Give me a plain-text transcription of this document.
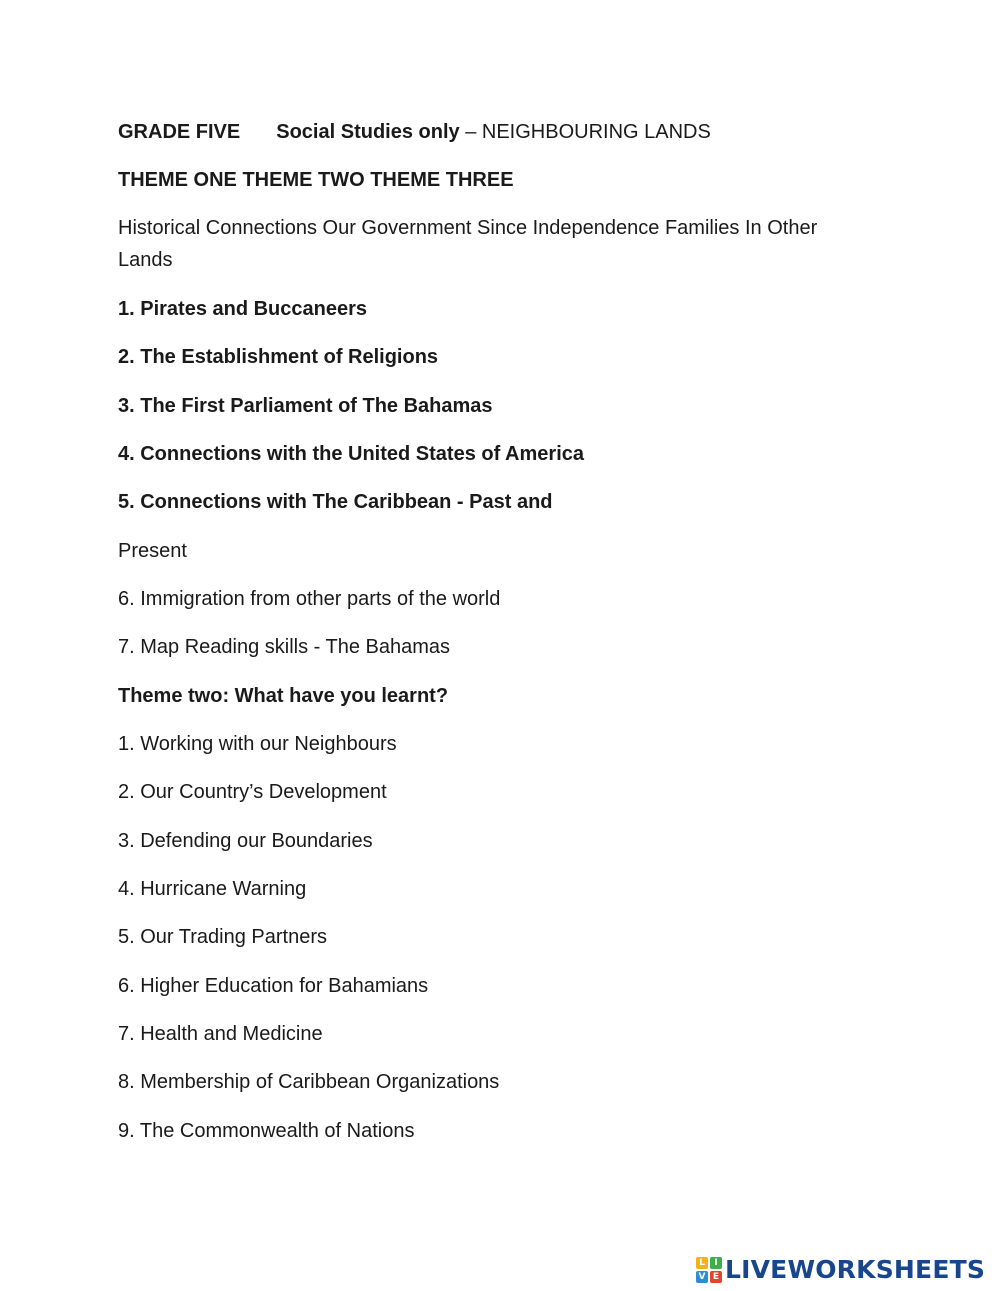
GRADE FIVE Social Studies only – NEIGHBOURING LANDS
THEME ONE THEME TWO THEME THREE
Historical Connections Our Government Since Independence Families In Other Lands
1. Pirates and Buccaneers
2. The Establishment of Religions
3. The First Parliament of The Bahamas
4. Connections with the United States of America
5. Connections with The Caribbean - Past and
Present
6. Immigration from other parts of the world
7. Map Reading skills - The Bahamas
Theme two: What have you learnt?
1. Working with our Neighbours
2. Our Country’s Development
3. Defending our Boundaries
4. Hurricane Warning
5. Our Trading Partners
6. Higher Education for Bahamians
7. Health and Medicine
8. Membership of Caribbean Organizations
9. The Commonwealth of Nations
L	I
V E LIVEWORKSHEETS
